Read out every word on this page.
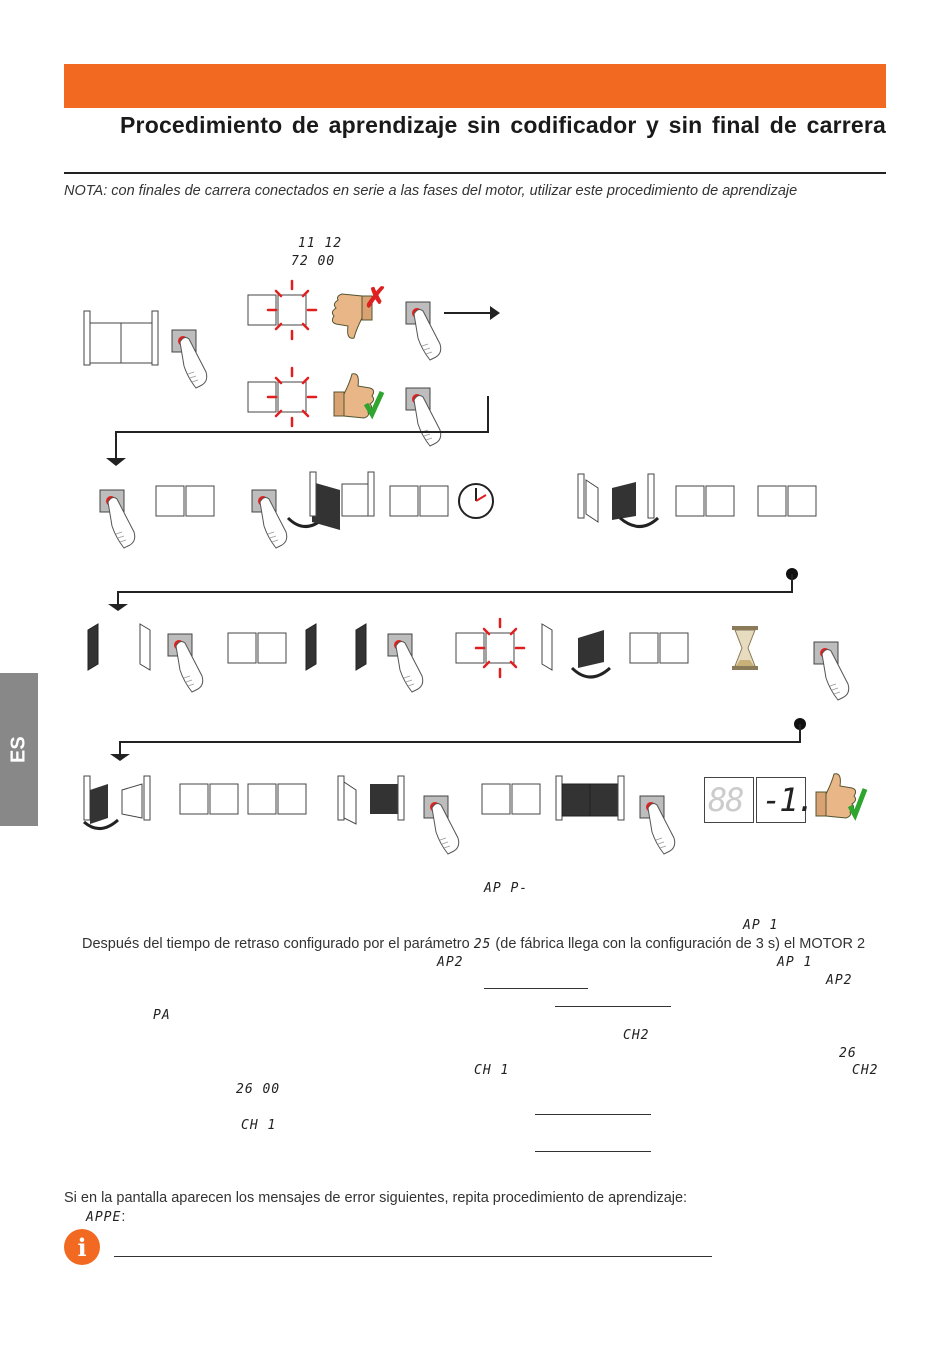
Procedimiento de aprendizaje sin codificador y sin final de carrera
NOTA: con finales de carrera conectados en serie a las fases del motor, utilizar este procedimiento de aprendizaje
11 12
72 00
✗
88 -1.
AP P-
AP 1
Después del tiempo de retraso configurado por el parámetro 25 (de fábrica llega con la configuración de 3 s) el MOTOR 2
AP2	AP 1
AP2
PA
CH2
26
CH 1	CH2
26 00
CH 1
Si en la pantalla aparecen los mensajes de error siguientes, repita procedimiento de aprendizaje:
APPE:
i
ES
